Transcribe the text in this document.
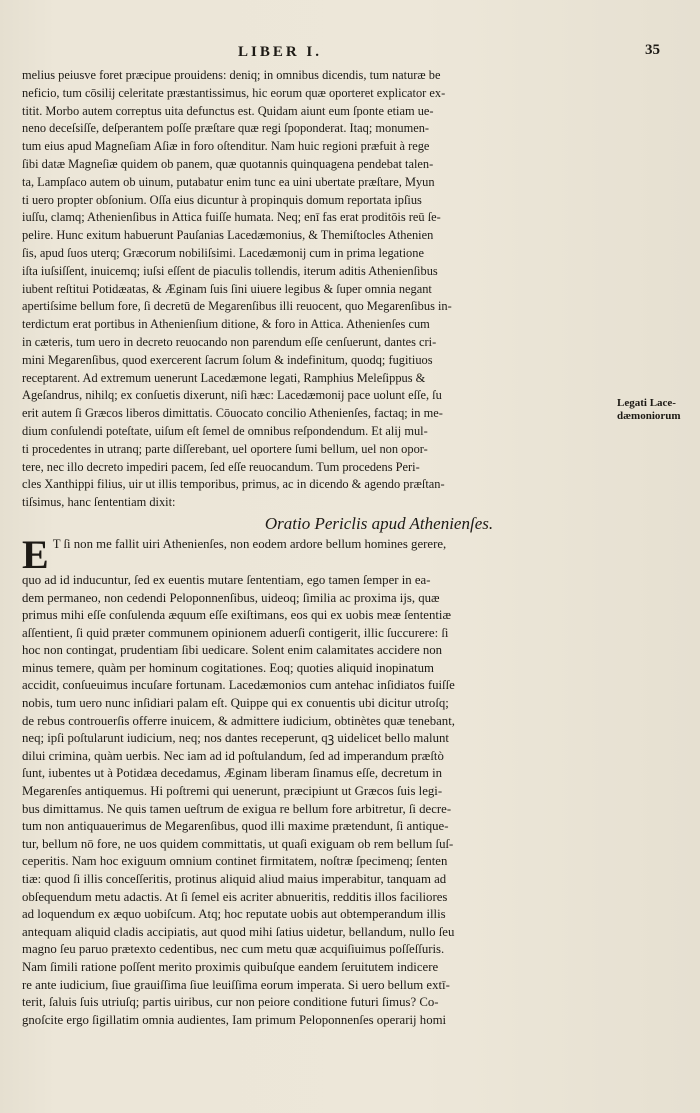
LIBER I.	35
melius peiusve foret præcipue prouidens: deniq; in omnibus dicendis, tum naturæ be
neficio, tum cōsilij celeritate præstantissimus, hic eorum quæ oporteret explicator ex-
titit. Morbo autem correptus uita defunctus est. Quidam aiunt eum ſponte etiam ue-
neno deceſsiſſe, deſperantem poſſe præſtare quæ regi ſpoponderat. Itaq; monumen-
tum eius apud Magneſiam Aſiæ in foro oſtenditur. Nam huic regioni præfuit à rege
ſibi datæ Magneſiæ quidem ob panem, quæ quotannis quinquagena pendebat talen-
ta, Lampſaco autem ob uinum, putabatur enim tunc ea uini ubertate præſtare, Myun
ti uero propter obſonium. Oſſa eius dicuntur à propinquis domum reportata ipſius
iuſſu, clamq; Athenienſibus in Attica fuiſſe humata. Neq; enī fas erat proditōis reū ſe-
pelire. Hunc exitum habuerunt Pauſanias Lacedæmonius, & Themiſtocles Athenien
ſis, apud ſuos uterq; Græcorum nobiliſsimi. Lacedæmonij cum in prima legatione
iſta iuſsiſſent, inuicemq; iuſsi eſſent de piaculis tollendis, iterum aditis Athenienſibus
iubent reſtitui Potidæatas, & Æginam ſuis ſini uiuere legibus & ſuper omnia negant
apertiſsime bellum fore, ſi decretū de Megarenſibus illi reuocent, quo Megarenſibus in-
terdictum erat portibus in Athenienſium ditione, & foro in Attica. Athenienſes cum
in cæteris, tum uero in decreto reuocando non parendum eſſe cenſuerunt, dantes cri-
mini Megarenſibus, quod exercerent ſacrum ſolum & indefinitum, quodq; fugitiuos
receptarent. Ad extremum uenerunt Lacedæmone legati, Ramphius Meleſippus &
Ageſandrus, nihilq; ex conſuetis dixerunt, niſi hæc: Lacedæmonij pace uolunt eſſe, ſu
erit autem ſi Græcos liberos dimittatis. Cōuocato concilio Athenienſes, factaq; in me-
dium conſulendi poteſtate, uiſum eſt ſemel de omnibus reſpondendum. Et alij mul-
ti procedentes in utranq; parte diſſerebant, uel oportere ſumi bellum, uel non opor-
tere, nec illo decreto impediri pacem, ſed eſſe reuocandum. Tum procedens Peri-
cles Xanthippi filius, uir ut illis temporibus, primus, ac in dicendo & agendo præſtan-
tiſsimus, hanc ſententiam dixit:
Oratio Periclis apud Athenienſes.
E T ſi non me fallit uiri Athenienſes, non eodem ardore bellum homines gerere,
quo ad id inducuntur, ſed ex euentis mutare ſententiam, ego tamen ſemper in ea-
dem permaneo, non cedendi Peloponnenſibus, uideoq; ſimilia ac proxima ijs, quæ
primus mihi eſſe conſulenda æquum eſſe exiſtimans, eos qui ex uobis meæ ſententiæ
aſſentient, ſi quid præter communem opinionem aduerſi contigerit, illic ſuccurere: ſi
hoc non contingat, prudentiam ſibi uedicare. Solent enim calamitates accidere non
minus temere, quàm per hominum cogitationes. Eoq; quoties aliquid inopinatum
accidit, conſueuimus incuſare fortunam. Lacedæmonios cum antehac inſidiatos fuiſſe
nobis, tum uero nunc inſidiari palam eſt. Quippe qui ex conuentis ubi dicitur utroſq;
de rebus controuerſis offerre inuicem, & admittere iudicium, obtinètes quæ tenebant,
neq; ipſi poſtularunt iudicium, neq; nos dantes receperunt, qꝫ uidelicet bello malunt
dilui crimina, quàm uerbis. Nec iam ad id poſtulandum, ſed ad imperandum præſtò
ſunt, iubentes ut à Potidæa decedamus, Æginam liberam ſinamus eſſe, decretum in
Megarenſes antiquemus. Hi poſtremi qui uenerunt, præcipiunt ut Græcos ſuis legi-
bus dimittamus. Ne quis tamen ueſtrum de exigua re bellum fore arbitretur, ſi decre-
tum non antiquauerimus de Megarenſibus, quod illi maxime prætendunt, ſi antique-
tur, bellum nō fore, ne uos quidem committatis, ut quaſi exiguam ob rem bellum ſuſ-
ceperitis. Nam hoc exiguum omnium continet firmitatem, noſtræ ſpecimenq; ſenten
tiæ: quod ſi illis conceſſeritis, protinus aliquid aliud maius imperabitur, tanquam ad
obſequendum metu adactis. At ſi ſemel eis acriter abnueritis, redditis illos faciliores
ad loquendum ex æquo uobiſcum. Atq; hoc reputate uobis aut obtemperandum illis
antequam aliquid cladis accipiatis, aut quod mihi ſatius uidetur, bellandum, nullo ſeu
magno ſeu paruo prætexto cedentibus, nec cum metu quæ acquiſiuimus poſſeſſuris.
Nam ſimili ratione poſſent merito proximis quibuſque eandem ſeruitutem indicere
re ante iudicium, ſiue grauiſſima ſiue leuiſſima eorum imperata. Si uero bellum extī-
terit, ſaluis ſuis utriuſq; partis uiribus, cur non peiore conditione futuri ſimus? Co-
gnoſcite ergo ſigillatim omnia audientes, Iam primum Peloponnenſes operarij homi
Legati Lace-
dæmoniorum
